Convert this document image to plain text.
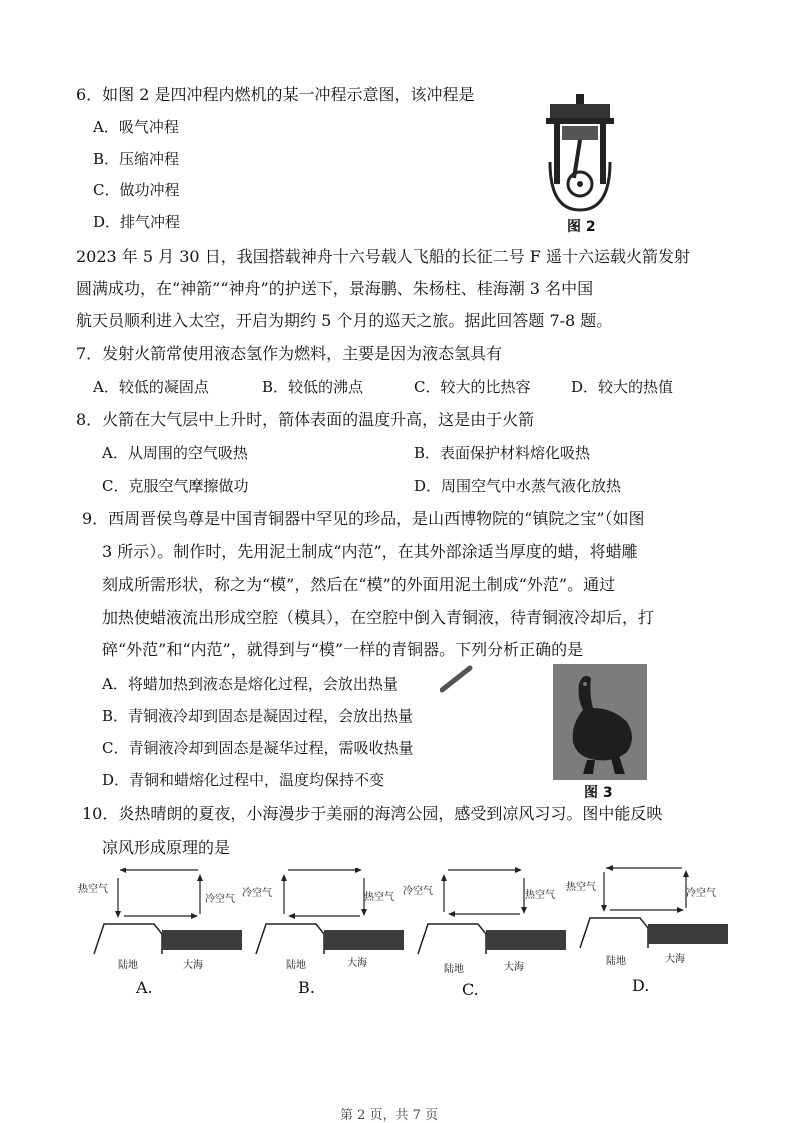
6．如图 2 是四冲程内燃机的某一冲程示意图，该冲程是
A．吸气冲程
B．压缩冲程
C．做功冲程
D．排气冲程	图 2
2023 年 5 月 30 日，我国搭载神舟十六号载人飞船的长征二号 F 遥十六运载火箭发射
圆满成功，在“神箭”“神舟”的护送下，景海鹏、朱杨柱、桂海潮 3 名中国
航天员顺利进入太空，开启为期约 5 个月的巡天之旅。据此回答题 7-8 题。
7．发射火箭常使用液态氢作为燃料，主要是因为液态氢具有
A．较低的凝固点	B．较低的沸点	C．较大的比热容	D．较大的热值
8．火箭在大气层中上升时，箭体表面的温度升高，这是由于火箭
A．从周围的空气吸热	B．表面保护材料熔化吸热
C．克服空气摩擦做功	D．周围空气中水蒸气液化放热
9．西周晋侯鸟尊是中国青铜器中罕见的珍品，是山西博物院的“镇院之宝”（如图
3 所示）。制作时，先用泥土制成“内范”，在其外部涂适当厚度的蜡，将蜡雕
刻成所需形状，称之为“模”，然后在“模”的外面用泥土制成“外范”。通过
加热使蜡液流出形成空腔（模具），在空腔中倒入青铜液，待青铜液冷却后，打
碎“外范”和“内范”，就得到与“模”一样的青铜器。下列分析正确的是
A．将蜡加热到液态是熔化过程，会放出热量
B．青铜液冷却到固态是凝固过程，会放出热量
C．青铜液冷却到固态是凝华过程，需吸收热量
D．青铜和蜡熔化过程中，温度均保持不变
图 3
10．炎热晴朗的夏夜，小海漫步于美丽的海湾公园，感受到凉风习习。图中能反映
凉风形成原理的是
热空气
冷空气
陆地	大海
A.
冷空气	热空气
陆地	大海
B.
冷空气	热空气
陆地	大海
C.
热空气
冷空气
陆地	大海
D.
第 2 页，共 7 页
